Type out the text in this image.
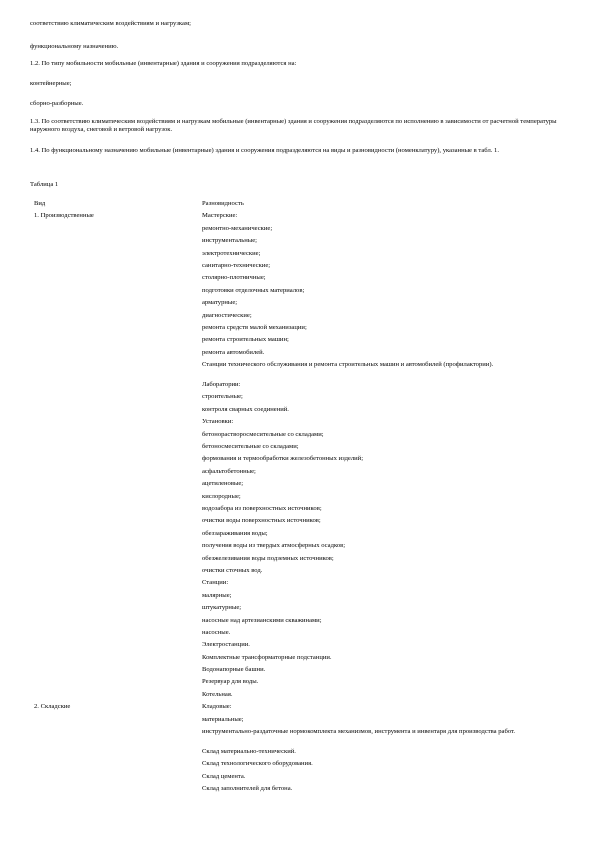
соответствию климатическим воздействиям и нагрузкам;

функциональному назначению.

1.2. По типу мобильности мобильные (инвентарные) здания и сооружения подразделяются на:

контейнерные;

сборно-разборные.

1.3. По соответствию климатическим воздействиям и нагрузкам мобильные (инвентарные) здания и сооружения подразделяются по исполнению в зависимости от расчетной температуры наружного воздуха, снеговой и ветровой нагрузок.

1.4. По функциональному назначению мобильные (инвентарные) здания и сооружения подразделяются на виды и разновидности (номенклатуру), указанные в табл. 1.

Таблица 1

Вид	Разновидность
1. Производственные	Мастерские:
ремонтно-механические;
инструментальные;
электротехнические;
санитарно-технические;
столярно-плотничные;
подготовки отделочных материалов;
арматурные;
диагностические;
ремонта средств малой механизации;
ремонта строительных машин;
ремонта автомобилей.
Станции технического обслуживания и ремонта строительных машин и автомобилей (профилактории).
Лаборатории:
строительные;
контроля сварных соединений.
Установки:
бетонорастворосмесительные со складами;
бетоносмесительные со складами;
формования и термообработки железобетонных изделий;
асфальтобетонные;
ацетиленовые;
кислородные;
водозабора из поверхностных источников;
очистки воды поверхностных источников;
обеззараживания воды;
получения воды из твердых атмосферных осадков;
обезжелезивания воды подземных источников;
очистки сточных вод.
Станции:
малярные;
штукатурные;
насосные над артезианскими скважинами;
насосные.
Электростанции.
Комплектные трансформаторные подстанции.
Водонапорные башни.
Резервуар для воды.
Котельная.
2. Складские	Кладовые:
материальные;
инструментально-раздаточные нормокомплекта механизмов, инструмента и инвентаря для производства работ.
Склад материально-технический.
Склад технологического оборудования.
Склад цемента.
Склад заполнителей для бетона.
